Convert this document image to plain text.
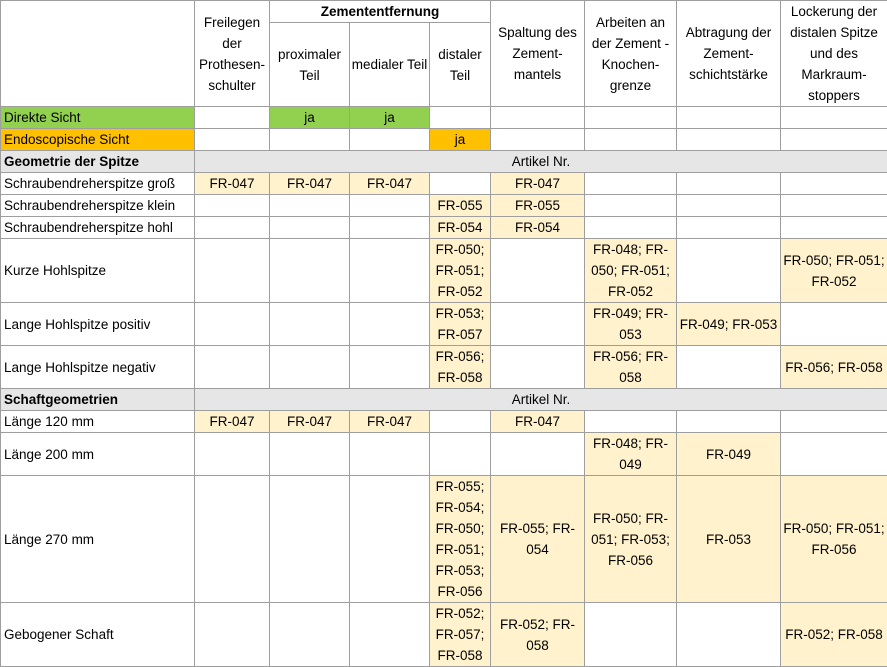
	Freilegen der Prothesen-schulter	Zemententfernung			Spaltung des Zement-mantels	Arbeiten an der Zement - Knochen-grenze	Abtragung der Zement-schichtstärke	Lockerung der distalen Spitze und des Markraum-stoppers
		proximaler Teil	medialer Teil	distaler Teil				
Direkte Sicht		ja	ja					
Endoscopische Sicht				ja				
Geometrie der Spitze	Artikel Nr.							
Schraubendreherspitze groß	FR-047	FR-047	FR-047		FR-047			
Schraubendreherspitze klein				FR-055	FR-055			
Schraubendreherspitze hohl				FR-054	FR-054			
Kurze Hohlspitze				FR-050; FR-051; FR-052		FR-048; FR-050; FR-051; FR-052		FR-050; FR-051; FR-052
Lange Hohlspitze positiv				FR-053; FR-057		FR-049; FR-053	FR-049; FR-053	
Lange Hohlspitze negativ				FR-056; FR-058		FR-056; FR-058		FR-056; FR-058
Schaftgeometrien	Artikel Nr.							
Länge 120 mm	FR-047	FR-047	FR-047		FR-047			
Länge 200 mm						FR-048; FR-049	FR-049	
Länge 270 mm				FR-055; FR-054; FR-050; FR-051; FR-053; FR-056	FR-055; FR-054	FR-050; FR-051; FR-053; FR-056	FR-053	FR-050; FR-051; FR-056
Gebogener Schaft				FR-052; FR-057; FR-058	FR-052; FR-058			FR-052; FR-058
